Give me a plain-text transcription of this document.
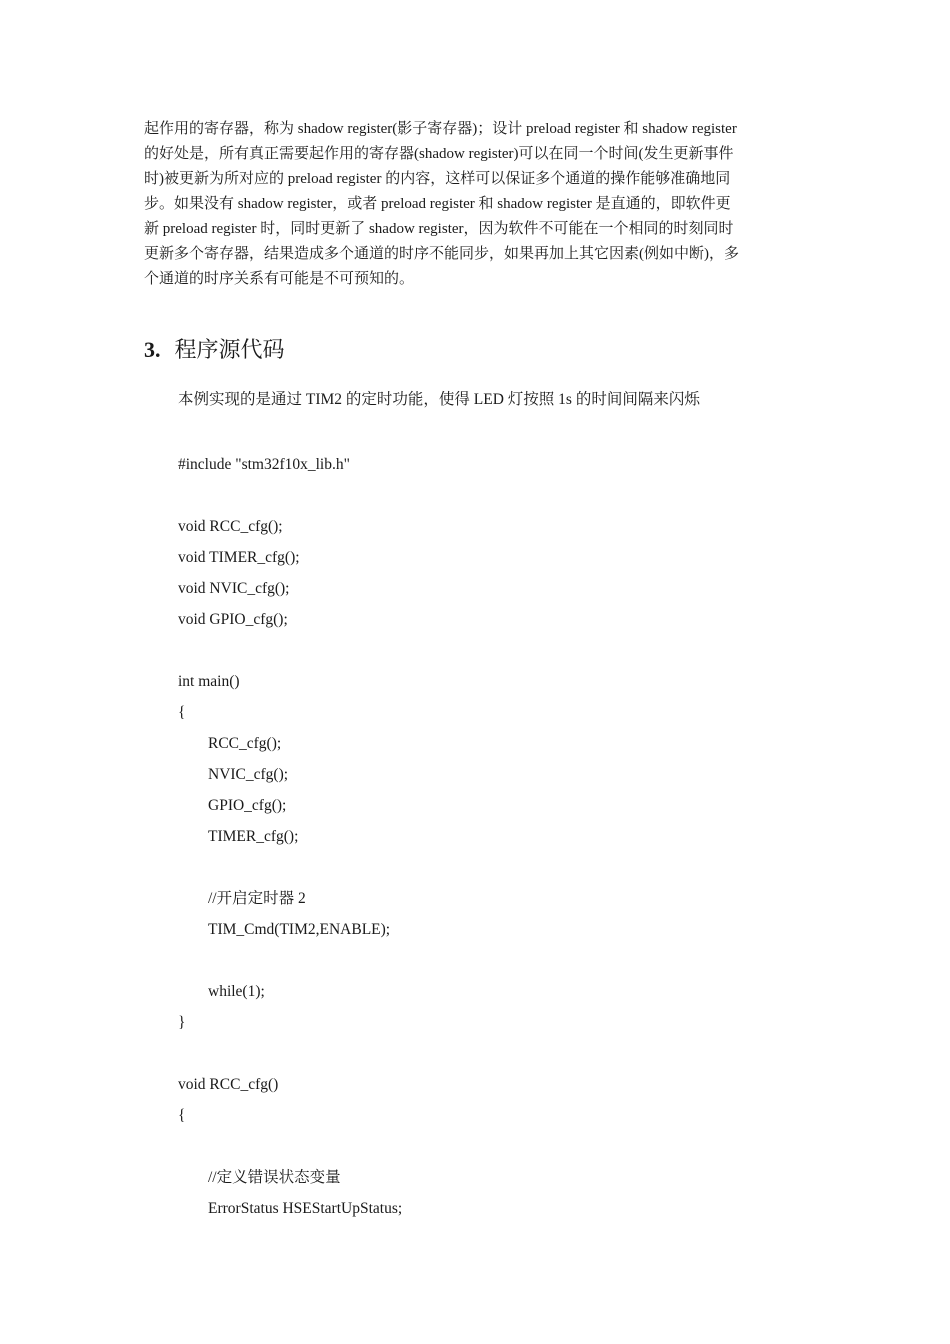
起作用的寄存器，称为 shadow register(影子寄存器)；设计 preload register 和 shadow register
的好处是，所有真正需要起作用的寄存器(shadow register)可以在同一个时间(发生更新事件
时)被更新为所对应的 preload register 的内容，这样可以保证多个通道的操作能够准确地同
步。如果没有 shadow register，或者 preload register 和 shadow register 是直通的，即软件更
新 preload register 时，同时更新了 shadow register，因为软件不可能在一个相同的时刻同时
更新多个寄存器，结果造成多个通道的时序不能同步，如果再加上其它因素(例如中断)，多
个通道的时序关系有可能是不可预知的。
3. 程序源代码
本例实现的是通过 TIM2 的定时功能，使得 LED 灯按照 1s 的时间间隔来闪烁
#include "stm32f10x_lib.h"
void RCC_cfg();
void TIMER_cfg();
void NVIC_cfg();
void GPIO_cfg();
int main()
{
RCC_cfg();
NVIC_cfg();
GPIO_cfg();
TIMER_cfg();
//开启定时器 2
TIM_Cmd(TIM2,ENABLE);
while(1);
}
void RCC_cfg()
{
//定义错误状态变量
ErrorStatus HSEStartUpStatus;
